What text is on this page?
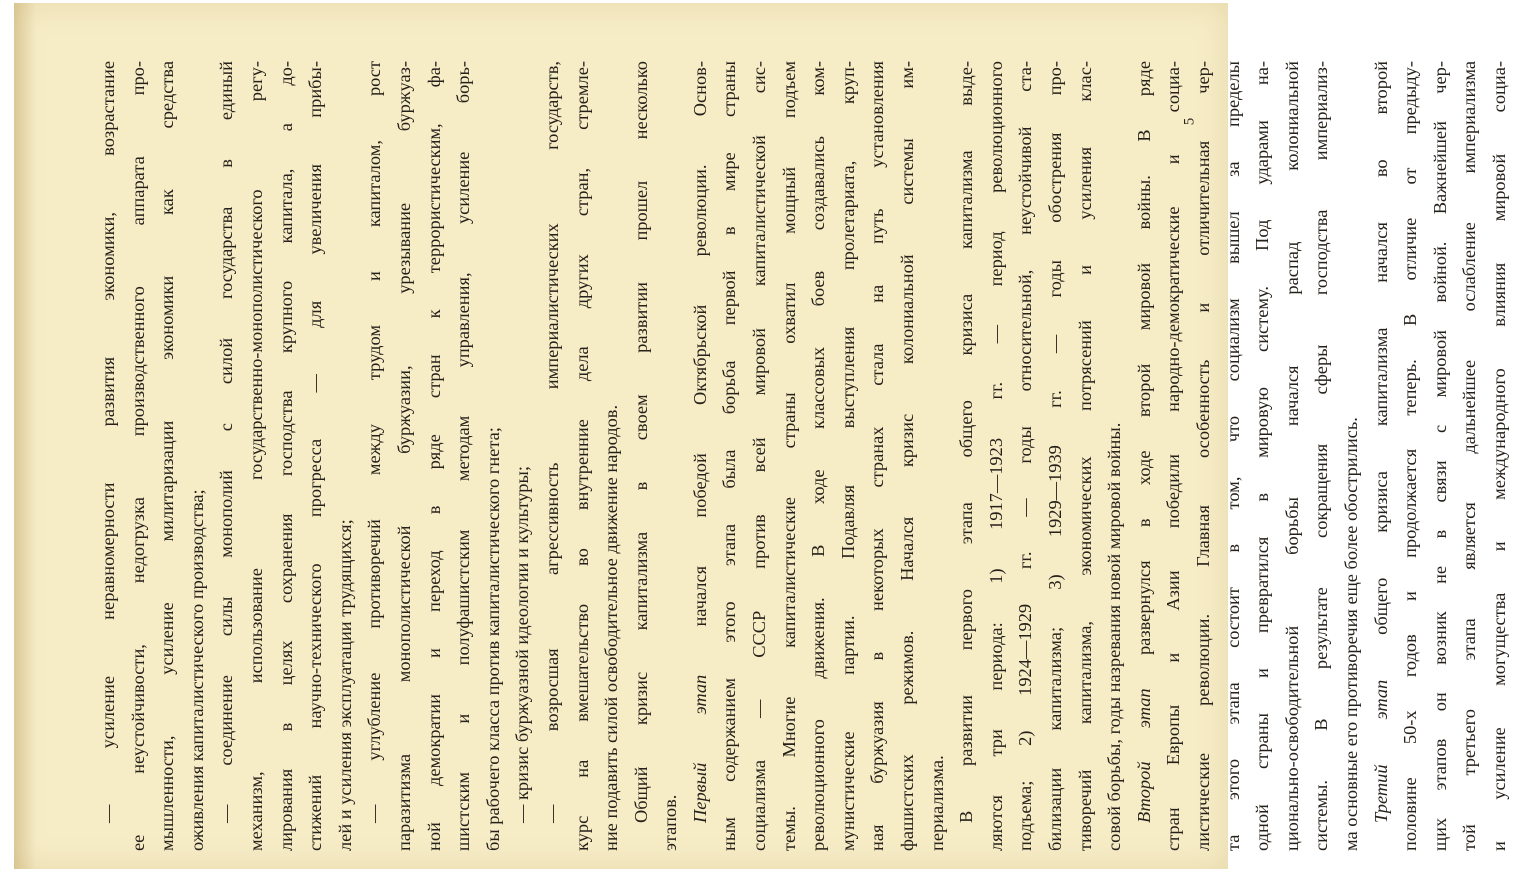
— усиление неравномерности развития экономики, возрастание ее неустойчивости, недогрузка производственного аппарата про- мышленности, усиление милитаризации экономики как средства оживления капиталистического производства; — соединение силы монополий с силой государства в единый механизм, использование государственно-монополистического регу- лирования в целях сохранения господства крупного капитала, а до- стижений научно-технического прогресса — для увеличения прибы- лей и усиления эксплуатации трудящихся; — углубление противоречий между трудом и капиталом, рост паразитизма монополистической буржуазии, урезывание буржуаз- ной демократии и переход в ряде стран к террористическим, фа- шистским и полуфашистским методам управления, усиление борь- бы рабочего класса против капиталистического гнета; — кризис буржуазной идеологии и культуры; — возросшая агрессивность империалистических государств, курс на вмешательство во внутренние дела других стран, стремле- ние подавить силой освободительное движение народов. Общий кризис капитализма в своем развитии прошел несколько этапов. Первый этап начался победой Октябрьской революции. Основ- ным содержанием этого этапа была борьба первой в мире страны социализма — СССР против всей мировой капиталистической сис- темы. Многие капиталистические страны охватил мощный подъем революционного движения. В ходе классовых боев создавались ком- мунистические партии. Подавляя выступления пролетариата, круп- ная буржуазия в некоторых странах стала на путь установления фашистских режимов. Начался кризис колониальной системы им- периализма. В развитии первого этапа общего кризиса капитализма выде- ляются три периода: 1) 1917—1923 гг. — период революционного подъема; 2) 1924—1929 гг. — годы относительной, неустойчивой ста- билизации капитализма; 3) 1929—1939 гг. — годы обострения про- тиворечий капитализма, экономических потрясений и усиления клас- совой борьбы, годы назревания новой мировой войны. Второй этап развернулся в ходе второй мировой войны. В ряде стран Европы и Азии победили народно-демократические и социа- листические революции. Главная особенность и отличительная чер- та этого этапа состоит в том, что социализм вышел за пределы одной страны и превратился в мировую систему. Под ударами на- ционально-освободительной борьбы начался распад колониальной системы. В результате сокращения сферы господства империализ- ма основные его противоречия еще более обострились. Третий этап общего кризиса капитализма начался во второй половине 50-х годов и продолжается теперь. В отличие от предыду- щих этапов он возник не в связи с мировой войной. Важнейшей чер- той третьего этапа является дальнейшее ослабление империализма и усиление могущества и международного влияния мировой социа-
5
